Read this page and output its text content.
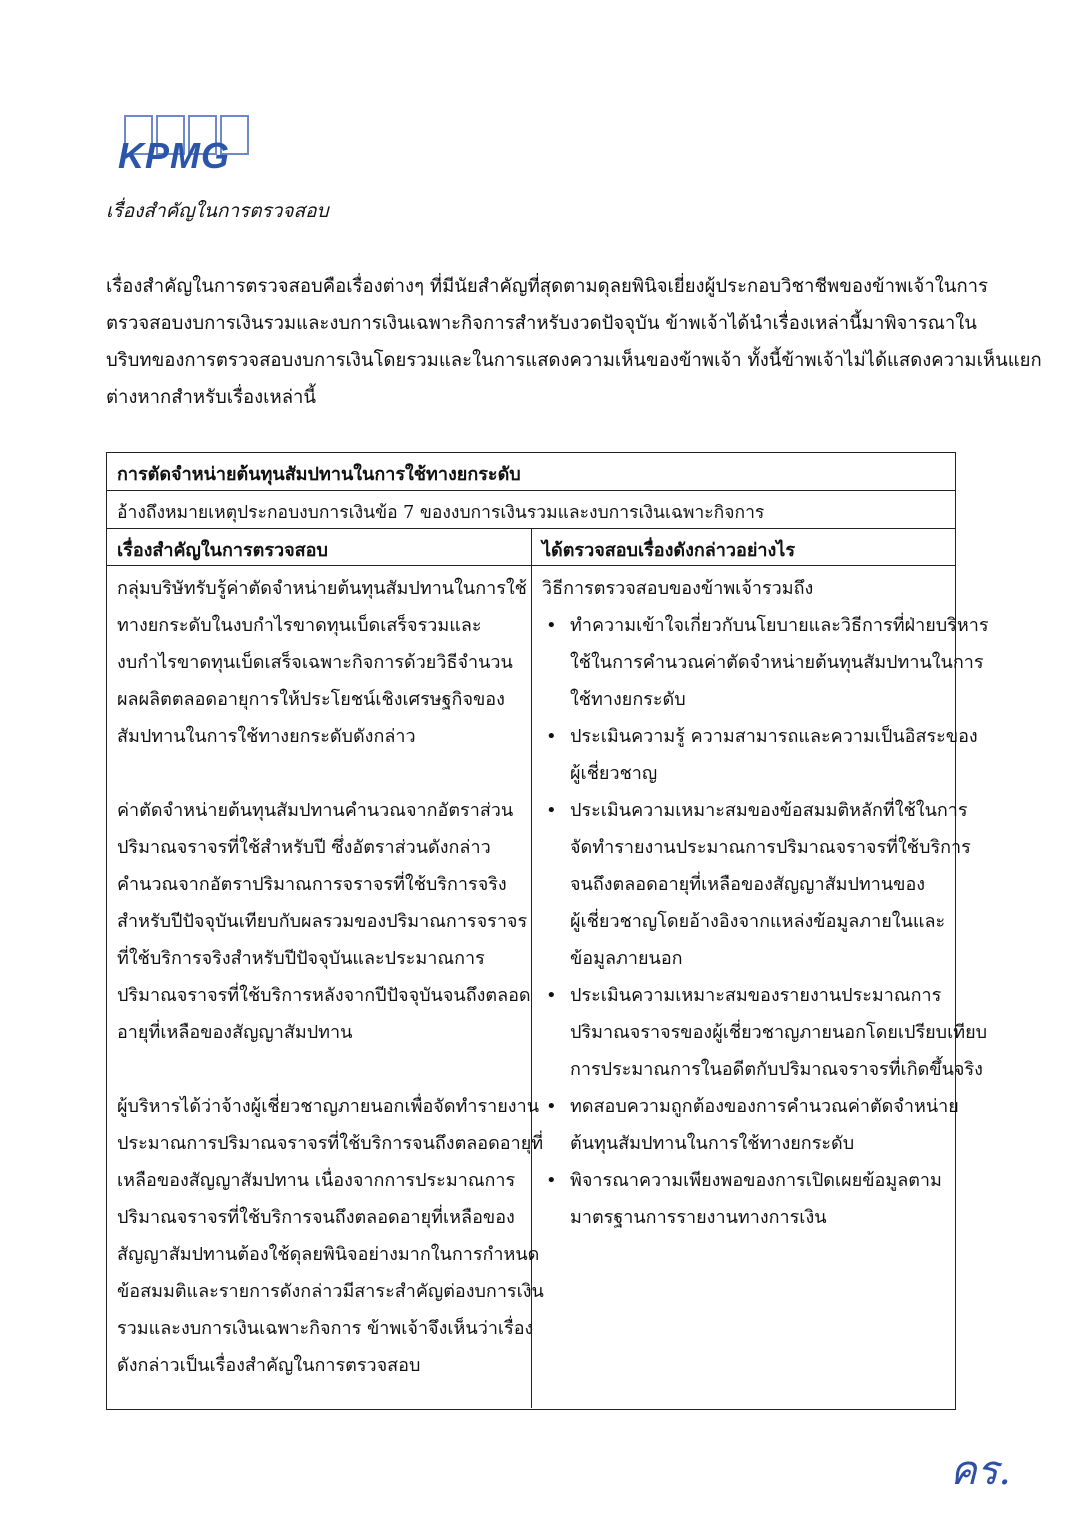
KPMG
เรื่องสำคัญในการตรวจสอบ
เรื่องสำคัญในการตรวจสอบคือเรื่องต่างๆ ที่มีนัยสำคัญที่สุดตามดุลยพินิจเยี่ยงผู้ประกอบวิชาชีพของข้าพเจ้าในการ
ตรวจสอบงบการเงินรวมและงบการเงินเฉพาะกิจการสำหรับงวดปัจจุบัน ข้าพเจ้าได้นำเรื่องเหล่านี้มาพิจารณาใน
บริบทของการตรวจสอบงบการเงินโดยรวมและในการแสดงความเห็นของข้าพเจ้า ทั้งนี้ข้าพเจ้าไม่ได้แสดงความเห็นแยก
ต่างหากสำหรับเรื่องเหล่านี้
การตัดจำหน่ายต้นทุนสัมปทานในการใช้ทางยกระดับ
อ้างถึงหมายเหตุประกอบงบการเงินข้อ 7 ของงบการเงินรวมและงบการเงินเฉพาะกิจการ
เรื่องสำคัญในการตรวจสอบ	ได้ตรวจสอบเรื่องดังกล่าวอย่างไร
กลุ่มบริษัทรับรู้ค่าตัดจำหน่ายต้นทุนสัมปทานในการใช้
ทางยกระดับในงบกำไรขาดทุนเบ็ดเสร็จรวมและ
งบกำไรขาดทุนเบ็ดเสร็จเฉพาะกิจการด้วยวิธีจำนวน
ผลผลิตตลอดอายุการให้ประโยชน์เชิงเศรษฐกิจของ
สัมปทานในการใช้ทางยกระดับดังกล่าว
ค่าตัดจำหน่ายต้นทุนสัมปทานคำนวณจากอัตราส่วน
ปริมาณจราจรที่ใช้สำหรับปี ซึ่งอัตราส่วนดังกล่าว
คำนวณจากอัตราปริมาณการจราจรที่ใช้บริการจริง
สำหรับปีปัจจุบันเทียบกับผลรวมของปริมาณการจราจร
ที่ใช้บริการจริงสำหรับปีปัจจุบันและประมาณการ
ปริมาณจราจรที่ใช้บริการหลังจากปีปัจจุบันจนถึงตลอด
อายุที่เหลือของสัญญาสัมปทาน
ผู้บริหารได้ว่าจ้างผู้เชี่ยวชาญภายนอกเพื่อจัดทำรายงาน
ประมาณการปริมาณจราจรที่ใช้บริการจนถึงตลอดอายุที่
เหลือของสัญญาสัมปทาน เนื่องจากการประมาณการ
ปริมาณจราจรที่ใช้บริการจนถึงตลอดอายุที่เหลือของ
สัญญาสัมปทานต้องใช้ดุลยพินิจอย่างมากในการกำหนด
ข้อสมมติและรายการดังกล่าวมีสาระสำคัญต่องบการเงิน
รวมและงบการเงินเฉพาะกิจการ ข้าพเจ้าจึงเห็นว่าเรื่อง
ดังกล่าวเป็นเรื่องสำคัญในการตรวจสอบ
วิธีการตรวจสอบของข้าพเจ้ารวมถึง
• ทำความเข้าใจเกี่ยวกับนโยบายและวิธีการที่ฝ่ายบริหาร
ใช้ในการคำนวณค่าตัดจำหน่ายต้นทุนสัมปทานในการ
ใช้ทางยกระดับ
• ประเมินความรู้ ความสามารถและความเป็นอิสระของ
ผู้เชี่ยวชาญ
• ประเมินความเหมาะสมของข้อสมมติหลักที่ใช้ในการ
จัดทำรายงานประมาณการปริมาณจราจรที่ใช้บริการ
จนถึงตลอดอายุที่เหลือของสัญญาสัมปทานของ
ผู้เชี่ยวชาญโดยอ้างอิงจากแหล่งข้อมูลภายในและ
ข้อมูลภายนอก
• ประเมินความเหมาะสมของรายงานประมาณการ
ปริมาณจราจรของผู้เชี่ยวชาญภายนอกโดยเปรียบเทียบ
การประมาณการในอดีตกับปริมาณจราจรที่เกิดขึ้นจริง
• ทดสอบความถูกต้องของการคำนวณค่าตัดจำหน่าย
ต้นทุนสัมปทานในการใช้ทางยกระดับ
• พิจารณาความเพียงพอของการเปิดเผยข้อมูลตาม
มาตรฐานการรายงานทางการเงิน
คร.
